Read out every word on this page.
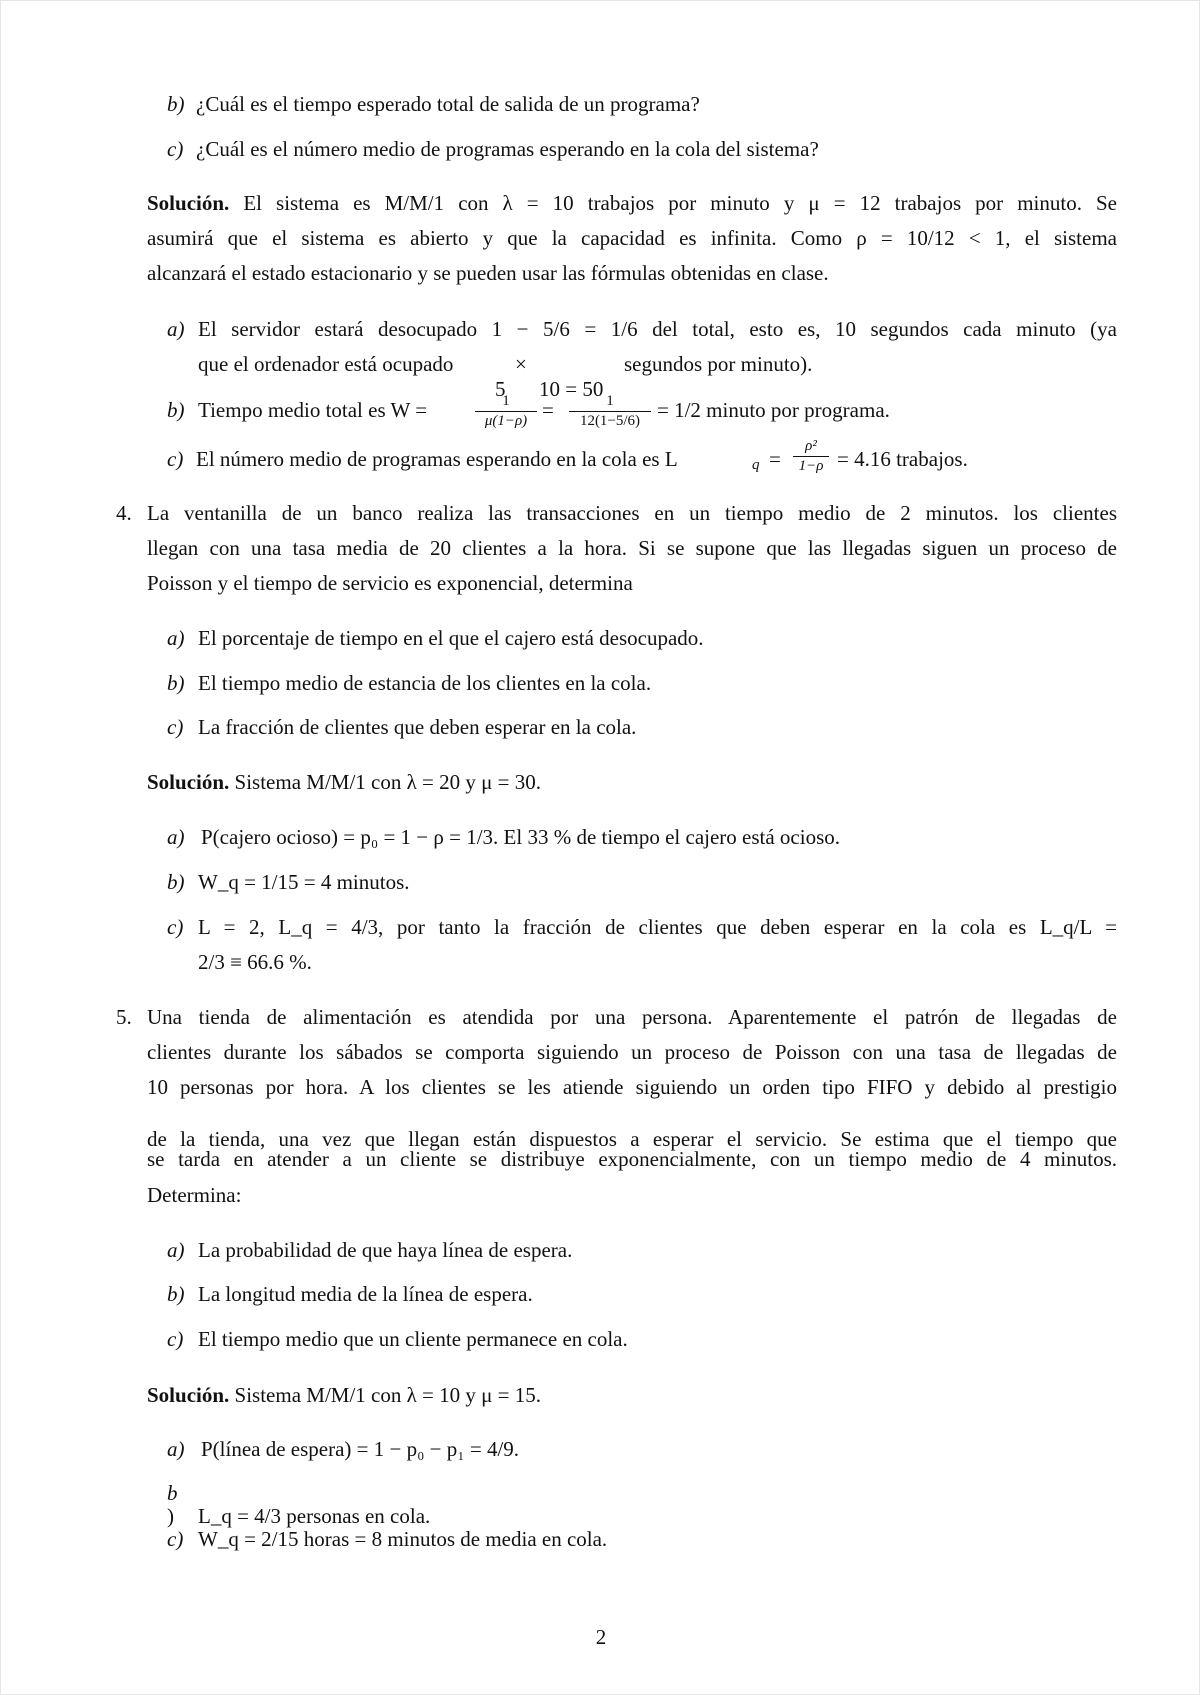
b) ¿Cuál es el tiempo esperado total de salida de un programa?
c) ¿Cuál es el número medio de programas esperando en la cola del sistema?
Solución. El sistema es M/M/1 con λ = 10 trabajos por minuto y μ = 12 trabajos por minuto. Se
asumirá que el sistema es abierto y que la capacidad es infinita. Como ρ = 10/12 < 1, el sistema
alcanzará el estado estacionario y se pueden usar las fórmulas obtenidas en clase.
a) El servidor estará desocupado 1 − 5/6 = 1/6 del total, esto es, 10 segundos cada minuto (ya
que el ordenador está ocupado	×	segundos por minuto).
5 10 = 50
b) Tiempo medio total es W =	1
μ(1−ρ) =	1
12(1−5/6) = 1/2 minuto por programa.
c) El número medio de programas esperando en la cola es L	q =
ρ²
1−ρ = 4.16 trabajos.
4. La ventanilla de un banco realiza las transacciones en un tiempo medio de 2 minutos. los clientes
llegan con una tasa media de 20 clientes a la hora. Si se supone que las llegadas siguen un proceso de
Poisson y el tiempo de servicio es exponencial, determina
a) El porcentaje de tiempo en el que el cajero está desocupado.
b) El tiempo medio de estancia de los clientes en la cola.
c) La fracción de clientes que deben esperar en la cola.
Solución. Sistema M/M/1 con λ = 20 y μ = 30.
a) P(cajero ocioso) = p₀ = 1 − ρ = 1/3. El 33 % de tiempo el cajero está ocioso.
b) W_q = 1/15 = 4 minutos.
c) L = 2, L_q = 4/3, por tanto la fracción de clientes que deben esperar en la cola es L_q/L =
2/3 ≡ 66.6 %.
5. Una tienda de alimentación es atendida por una persona. Aparentemente el patrón de llegadas de
clientes durante los sábados se comporta siguiendo un proceso de Poisson con una tasa de llegadas de
10 personas por hora. A los clientes se les atiende siguiendo un orden tipo FIFO y debido al prestigio
de la tienda, una vez que llegan están dispuestos a esperar el servicio. Se estima que el tiempo que
se tarda en atender a un cliente se distribuye exponencialmente, con un tiempo medio de 4 minutos.
Determina:
a) La probabilidad de que haya línea de espera.
b) La longitud media de la línea de espera.
c) El tiempo medio que un cliente permanece en cola.
Solución. Sistema M/M/1 con λ = 10 y μ = 15.
a) P(línea de espera) = 1 − p₀ − p₁ = 4/9.
b
) L_q = 4/3 personas en cola.
c) W_q = 2/15 horas = 8 minutos de media en cola.
2
